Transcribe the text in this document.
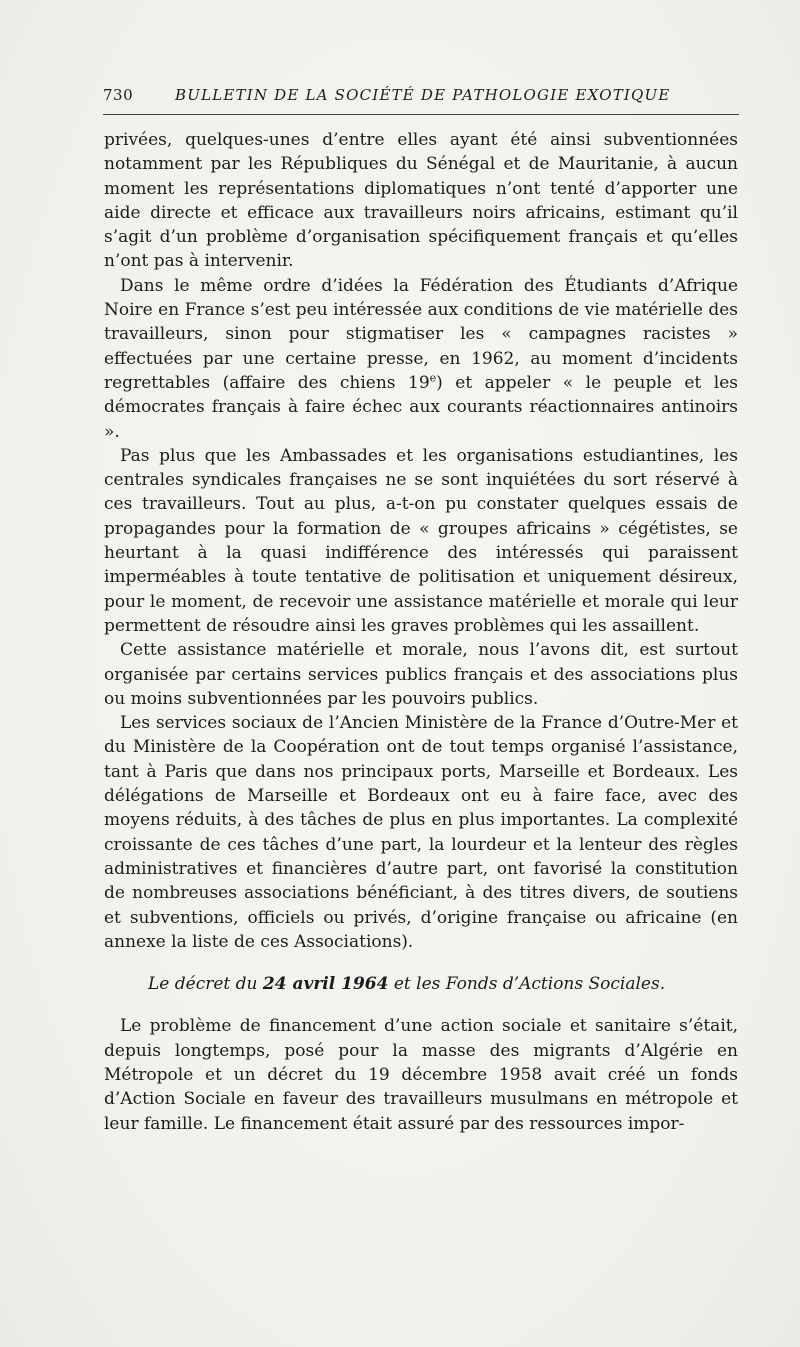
730	BULLETIN DE LA SOCIÉTÉ DE PATHOLOGIE EXOTIQUE

privées, quelques-unes d’entre elles ayant été ainsi subventionnées notamment par les Républiques du Sénégal et de Mauritanie, à aucun moment les représentations diplomatiques n’ont tenté d’apporter une aide directe et efficace aux travailleurs noirs africains, estimant qu’il s’agit d’un problème d’organisation spécifiquement français et qu’elles n’ont pas à intervenir.

Dans le même ordre d’idées la Fédération des Étudiants d’Afrique Noire en France s’est peu intéressée aux conditions de vie matérielle des travailleurs, sinon pour stigmatiser les « campagnes racistes » effectuées par une certaine presse, en 1962, au moment d’incidents regrettables (affaire des chiens 19e) et appeler « le peuple et les démocrates français à faire échec aux courants réactionnaires antinoirs ».

Pas plus que les Ambassades et les organisations estudiantines, les centrales syndicales françaises ne se sont inquiétées du sort réservé à ces travailleurs. Tout au plus, a-t-on pu constater quelques essais de propagandes pour la formation de « groupes africains » cégétistes, se heurtant à la quasi indifférence des intéressés qui paraissent imperméables à toute tentative de politisation et uniquement désireux, pour le moment, de recevoir une assistance matérielle et morale qui leur permettent de résoudre ainsi les graves problèmes qui les assaillent.

Cette assistance matérielle et morale, nous l’avons dit, est surtout organisée par certains services publics français et des associations plus ou moins subventionnées par les pouvoirs publics.

Les services sociaux de l’Ancien Ministère de la France d’Outre-Mer et du Ministère de la Coopération ont de tout temps organisé l’assistance, tant à Paris que dans nos principaux ports, Marseille et Bordeaux. Les délégations de Marseille et Bordeaux ont eu à faire face, avec des moyens réduits, à des tâches de plus en plus importantes. La complexité croissante de ces tâches d’une part, la lourdeur et la lenteur des règles administratives et financières d’autre part, ont favorisé la constitution de nombreuses associations bénéficiant, à des titres divers, de soutiens et subventions, officiels ou privés, d’origine française ou africaine (en annexe la liste de ces Associations).

Le décret du 24 avril 1964 et les Fonds d’Actions Sociales.

Le problème de financement d’une action sociale et sanitaire s’était, depuis longtemps, posé pour la masse des migrants d’Algérie en Métropole et un décret du 19 décembre 1958 avait créé un fonds d’Action Sociale en faveur des travailleurs musulmans en métropole et leur famille. Le financement était assuré par des ressources impor-
